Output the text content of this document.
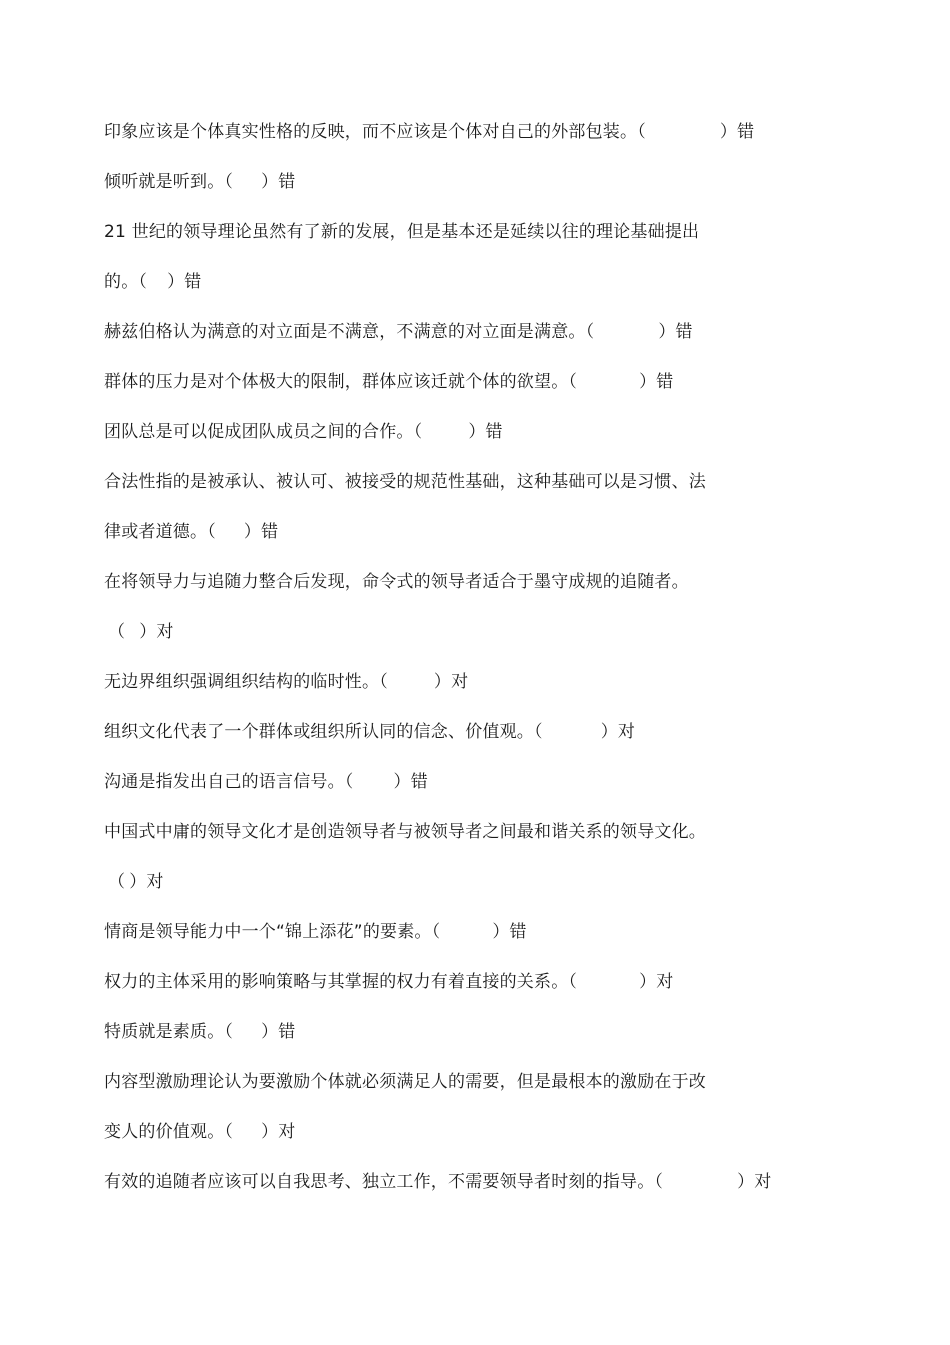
印象应该是个体真实性格的反映，而不应该是个体对自己的外部包装。（	）错
倾听就是听到。（ ）错
21 世纪的领导理论虽然有了新的发展，但是基本还是延续以往的理论基础提出
的。（ ）错
赫兹伯格认为满意的对立面是不满意，不满意的对立面是满意。（	）错
群体的压力是对个体极大的限制，群体应该迁就个体的欲望。（	）错
团队总是可以促成团队成员之间的合作。（	）错
合法性指的是被承认、被认可、被接受的规范性基础，这种基础可以是习惯、法
律或者道德。（ ）错
在将领导力与追随力整合后发现，命令式的领导者适合于墨守成规的追随者。
（ ）对
无边界组织强调组织结构的临时性。（	）对
组织文化代表了一个群体或组织所认同的信念、价值观。（	）对
沟通是指发出自己的语言信号。（ ）错
中国式中庸的领导文化才是创造领导者与被领导者之间最和谐关系的领导文化。
（ ）对
情商是领导能力中一个“锦上添花”的要素。（	）错
权力的主体采用的影响策略与其掌握的权力有着直接的关系。（	）对
特质就是素质。（ ）错
内容型激励理论认为要激励个体就必须满足人的需要，但是最根本的激励在于改
变人的价值观。（ ）对
有效的追随者应该可以自我思考、独立工作，不需要领导者时刻的指导。（	）对
